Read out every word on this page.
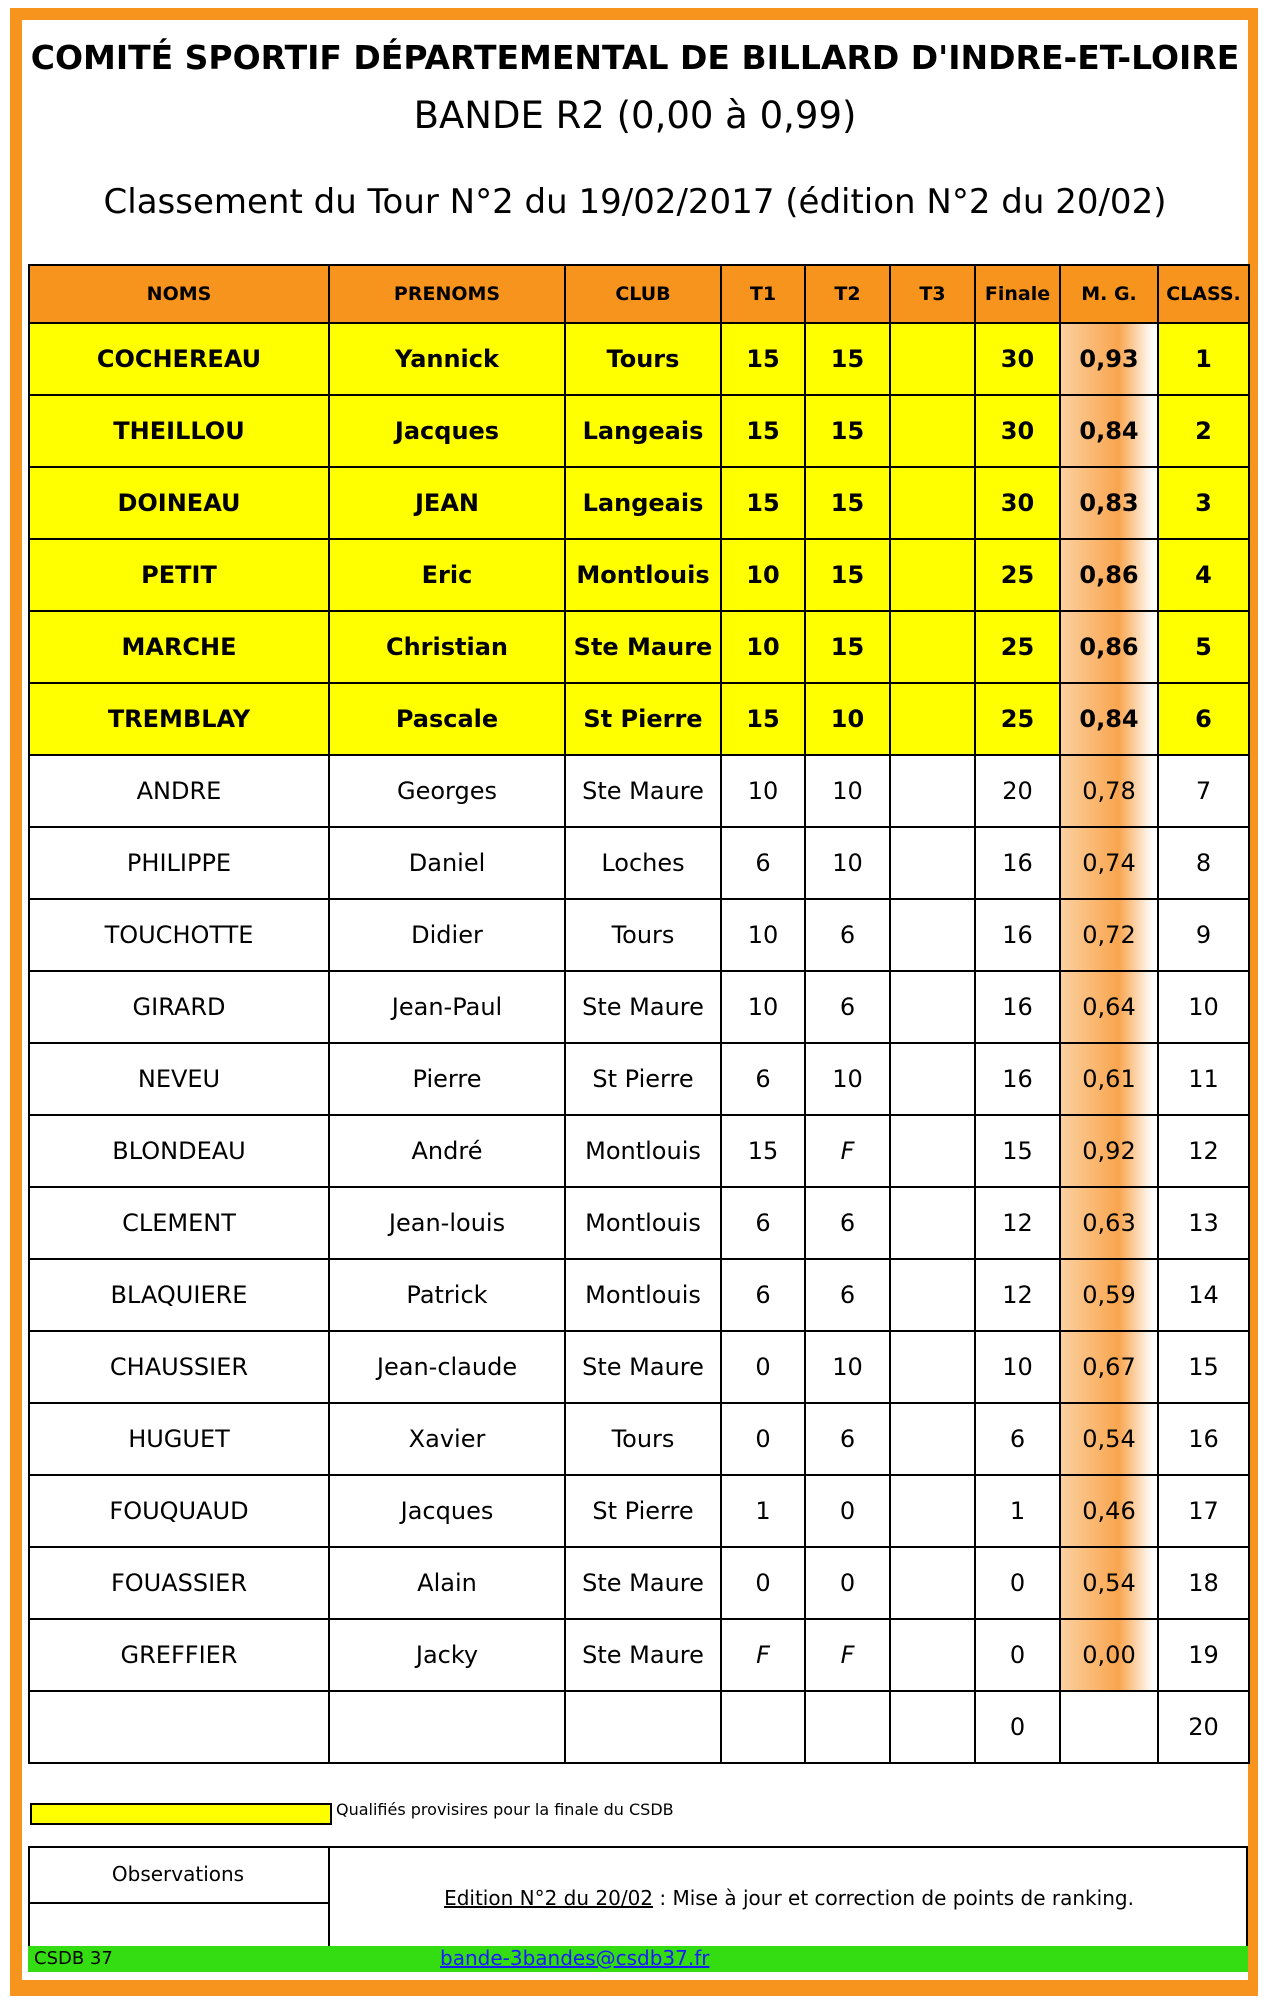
COMITÉ SPORTIF DÉPARTEMENTAL DE BILLARD D'INDRE-ET-LOIRE
BANDE R2 (0,00 à 0,99)
Classement du Tour N°2 du 19/02/2017 (édition N°2 du 20/02)
NOMS	PRENOMS	CLUB	T1	T2	T3	Finale	M. G.	CLASS.
COCHEREAU	Yannick	Tours	15	15		30	0,93	1
THEILLOU	Jacques	Langeais	15	15		30	0,84	2
DOINEAU	JEAN	Langeais	15	15		30	0,83	3
PETIT	Eric	Montlouis	10	15		25	0,86	4
MARCHE	Christian	Ste Maure	10	15		25	0,86	5
TREMBLAY	Pascale	St Pierre	15	10		25	0,84	6
ANDRE	Georges	Ste Maure	10	10		20	0,78	7
PHILIPPE	Daniel	Loches	6	10		16	0,74	8
TOUCHOTTE	Didier	Tours	10	6		16	0,72	9
GIRARD	Jean-Paul	Ste Maure	10	6		16	0,64	10
NEVEU	Pierre	St Pierre	6	10		16	0,61	11
BLONDEAU	André	Montlouis	15	F		15	0,92	12
CLEMENT	Jean-louis	Montlouis	6	6		12	0,63	13
BLAQUIERE	Patrick	Montlouis	6	6		12	0,59	14
CHAUSSIER	Jean-claude	Ste Maure	0	10		10	0,67	15
HUGUET	Xavier	Tours	0	6		6	0,54	16
FOUQUAUD	Jacques	St Pierre	1	0		1	0,46	17
FOUASSIER	Alain	Ste Maure	0	0		0	0,54	18
GREFFIER	Jacky	Ste Maure	F	F		0	0,00	19
						0		20
Qualifiés provisires pour la finale du CSDB
Observations
Edition N°2 du 20/02 : Mise à jour et correction de points de ranking.
CSDB 37	bande-3bandes@csdb37.fr
